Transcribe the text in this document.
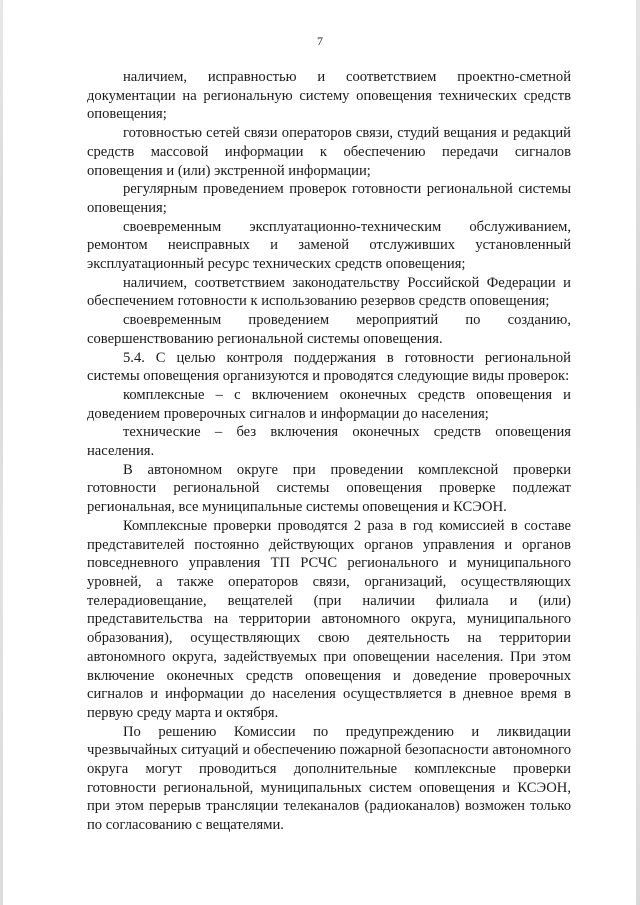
7

наличием, исправностью и соответствием проектно-сметной документации на региональную систему оповещения технических средств оповещения;

готовностью сетей связи операторов связи, студий вещания и редакций средств массовой информации к обеспечению передачи сигналов оповещения и (или) экстренной информации;

регулярным проведением проверок готовности региональной системы оповещения;

своевременным эксплуатационно-техническим обслуживанием, ремонтом неисправных и заменой отслуживших установленный эксплуатационный ресурс технических средств оповещения;

наличием, соответствием законодательству Российской Федерации и обеспечением готовности к использованию резервов средств оповещения;

своевременным проведением мероприятий по созданию, совершенствованию региональной системы оповещения.

5.4. С целью контроля поддержания в готовности региональной системы оповещения организуются и проводятся следующие виды проверок:

комплексные – с включением оконечных средств оповещения и доведением проверочных сигналов и информации до населения;

технические – без включения оконечных средств оповещения населения.

В автономном округе при проведении комплексной проверки готовности региональной системы оповещения проверке подлежат региональная, все муниципальные системы оповещения и КСЭОН.

Комплексные проверки проводятся 2 раза в год комиссией в составе представителей постоянно действующих органов управления и органов повседневного управления ТП РСЧС регионального и муниципального уровней, а также операторов связи, организаций, осуществляющих телерадиовещание, вещателей (при наличии филиала и (или) представительства на территории автономного округа, муниципального образования), осуществляющих свою деятельность на территории автономного округа, задействуемых при оповещении населения. При этом включение оконечных средств оповещения и доведение проверочных сигналов и информации до населения осуществляется в дневное время в первую среду марта и октября.

По решению Комиссии по предупреждению и ликвидации чрезвычайных ситуаций и обеспечению пожарной безопасности автономного округа могут проводиться дополнительные комплексные проверки готовности региональной, муниципальных систем оповещения и КСЭОН, при этом перерыв трансляции телеканалов (радиоканалов) возможен только по согласованию с вещателями.
